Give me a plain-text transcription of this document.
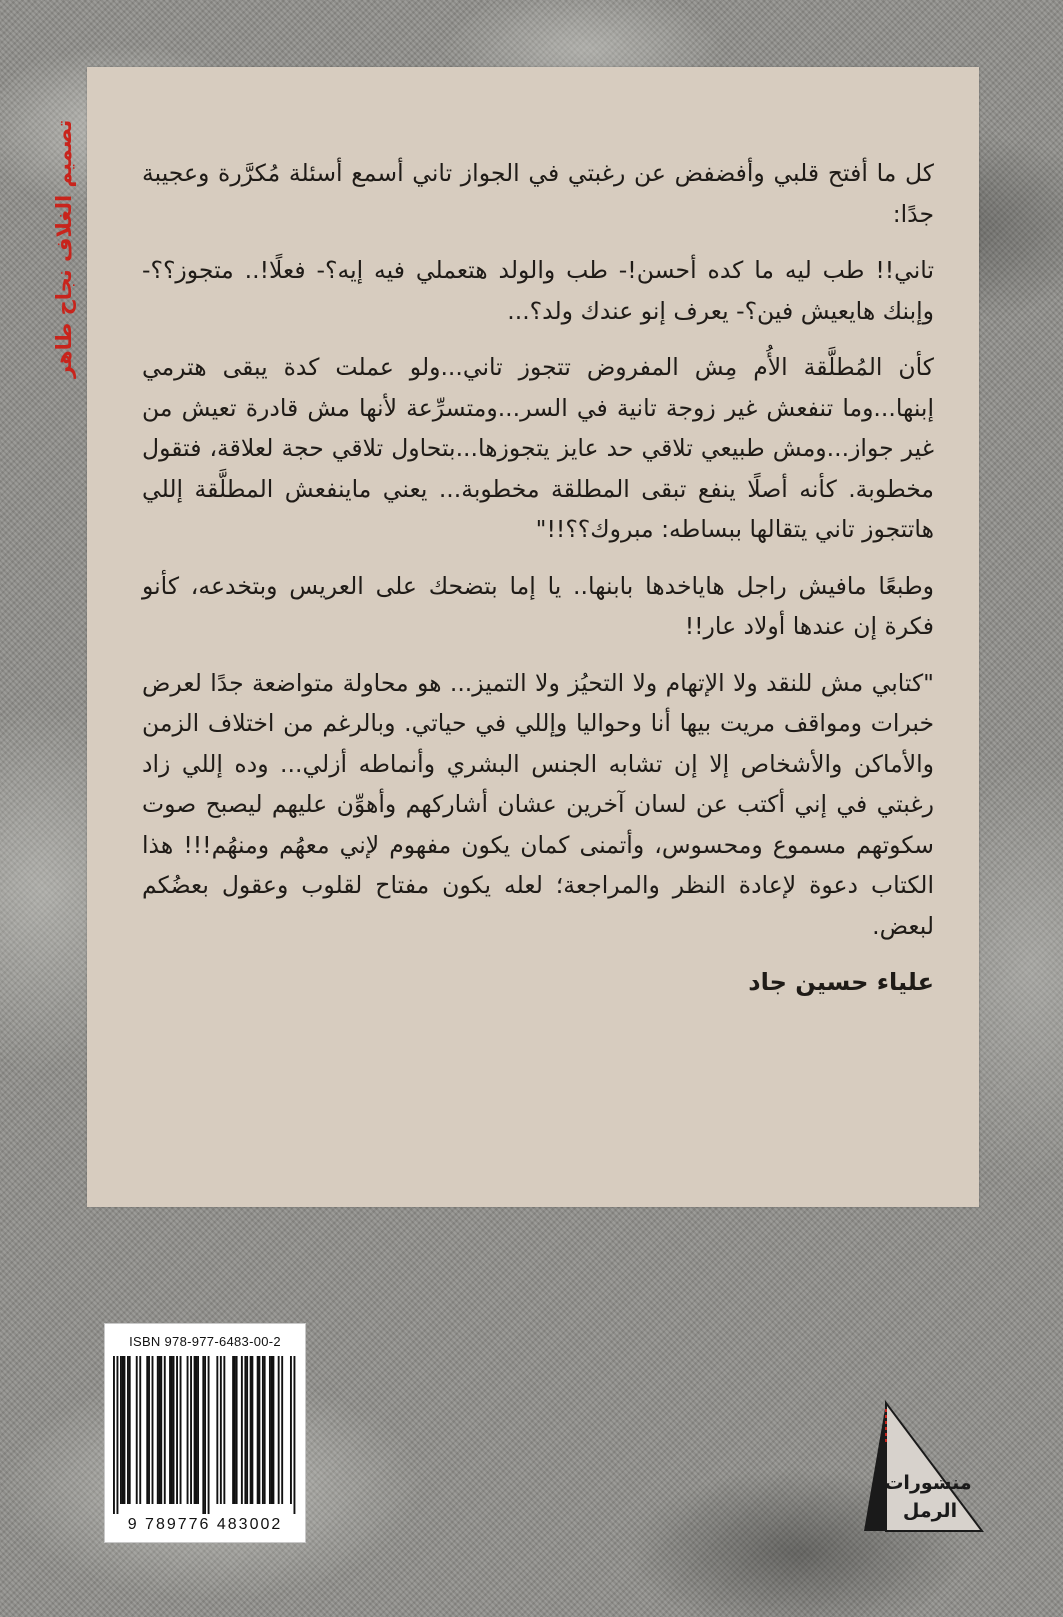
تصميم الغلاف نجاح طاهر	كل ما أفتح قلبي وأفضفض عن رغبتي في الجواز تاني أسمع أسئلة مُكرَّرة وعجيبة جدًا:

تاني!! طب ليه ما كده أحسن!- طب والولد هتعملي فيه إيه؟- فعلًا!.. متجوز؟؟- وإبنك هايعيش فين؟- يعرف إنو عندك ولد؟...

كأن المُطلَّقة الأُم مِش المفروض تتجوز تاني...ولو عملت كدة يبقى هترمي إبنها...وما تنفعش غير زوجة تانية في السر...ومتسرِّعة لأنها مش قادرة تعيش من غير جواز...ومش طبيعي تلاقي حد عايز يتجوزها...بتحاول تلاقي حجة لعلاقة، فتقول مخطوبة. كأنه أصلًا ينفع تبقى المطلقة مخطوبة... يعني ماينفعش المطلَّقة إللي هاتتجوز تاني يتقالها ببساطه: مبروك؟؟!!"

وطبعًا مافيش راجل هاياخدها بابنها.. يا إما بتضحك على العريس وبتخدعه، كأنو فكرة إن عندها أولاد عار!!

"كتابي مش للنقد ولا الإتهام ولا التحيُز ولا التميز... هو محاولة متواضعة جدًا لعرض خبرات ومواقف مريت بيها أنا وحواليا وإللي في حياتي. وبالرغم من اختلاف الزمن والأماكن والأشخاص إلا إن تشابه الجنس البشري وأنماطه أزلي... وده إللي زاد رغبتي في إني أكتب عن لسان آخرين عشان أشاركهم وأهوِّن عليهم ليصبح صوت سكوتهم مسموع ومحسوس، وأتمنى كمان يكون مفهوم لإني معهُم ومنهُم!!! هذا الكتاب دعوة لإعادة النظر والمراجعة؛ لعله يكون مفتاح لقلوب وعقول بعضُكم لبعض.

علياء حسين جاد

ISBN 978-977-6483-00-2
9 789776 483002
منشورات
الرمل
